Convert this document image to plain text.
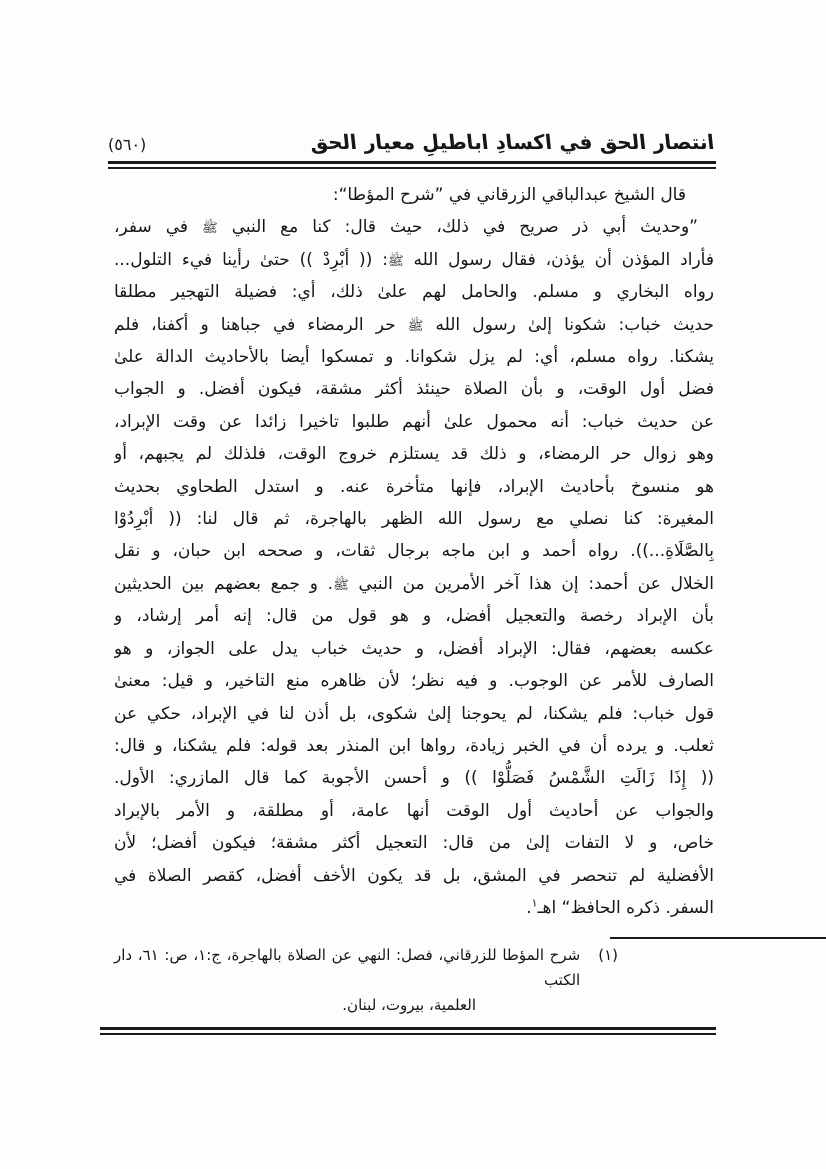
انتصار الحق في اكسادِ اباطيلِ معيار الحق
(٥٦٠)
قال الشيخ عبدالباقي الزرقاني في ”شرح المؤطا“:
”وحديث أبي ذر صريح في ذلك، حيث قال: كنا مع النبي ﷺ في سفر،
فأراد المؤذن أن يؤذن، فقال رسول الله ﷺ: (( أبْرِدْ )) حتىٰ رأينا فيء التلول...
رواه البخاري و مسلم. والحامل لهم علىٰ ذلك، أي: فضيلة التهجير مطلقا
حديث خباب: شكونا إلىٰ رسول الله ﷺ حر الرمضاء في جباهنا و أكفنا، فلم
يشكنا. رواه مسلم، أي: لم يزل شكوانا. و تمسكوا أيضا بالأحاديث الدالة علىٰ
فضل أول الوقت، و بأن الصلاة حينئذ أكثر مشقة، فيكون أفضل. و الجواب
عن حديث خباب: أنه محمول علىٰ أنهم طلبوا تاخيرا زائدا عن وقت الإبراد،
وهو زوال حر الرمضاء، و ذلك قد يستلزم خروج الوقت، فلذلك لم يجبهم، أو
هو منسوخ بأحاديث الإبراد، فإنها متأخرة عنه. و استدل الطحاوي بحديث
المغيرة: كنا نصلي مع رسول الله الظهر بالهاجرة، ثم قال لنا: (( أبْرِدُوْا
بِالصَّلَاةِ...)). رواه أحمد و ابن ماجه برجال ثقات، و صححه ابن حبان، و نقل
الخلال عن أحمد: إن هذا آخر الأمرين من النبي ﷺ. و جمع بعضهم بين الحديثين
بأن الإبراد رخصة والتعجيل أفضل، و هو قول من قال: إنه أمر إرشاد، و
عكسه بعضهم، فقال: الإبراد أفضل، و حديث خباب يدل على الجواز، و هو
الصارف للأمر عن الوجوب. و فيه نظر؛ لأن ظاهره منع التاخير، و قيل: معنىٰ
قول خباب: فلم يشكنا، لم يحوجنا إلىٰ شكوى، بل أذن لنا في الإبراد، حكي عن
ثعلب. و يرده أن في الخبر زيادة، رواها ابن المنذر بعد قوله: فلم يشكنا، و قال:
(( إِذَا زَالَتِ الشَّمْسُ فَصَلُّوْا )) و أحسن الأجوبة كما قال المازري: الأول.
والجواب عن أحاديث أول الوقت أنها عامة، أو مطلقة، و الأمر بالإبراد
خاص، و لا التفات إلىٰ من قال: التعجيل أكثر مشقة؛ فيكون أفضل؛ لأن
الأفضلية لم تنحصر في المشق، بل قد يكون الأخف أفضل، كقصر الصلاة في
السفر. ذكره الحافظ“ اهـ$^١$.
(١)
شرح المؤطا للزرقاني، فصل: النهي عن الصلاة بالهاجرة، ج:١، ص: ٦١، دار الكتب
العلمية، بيروت، لبنان.
